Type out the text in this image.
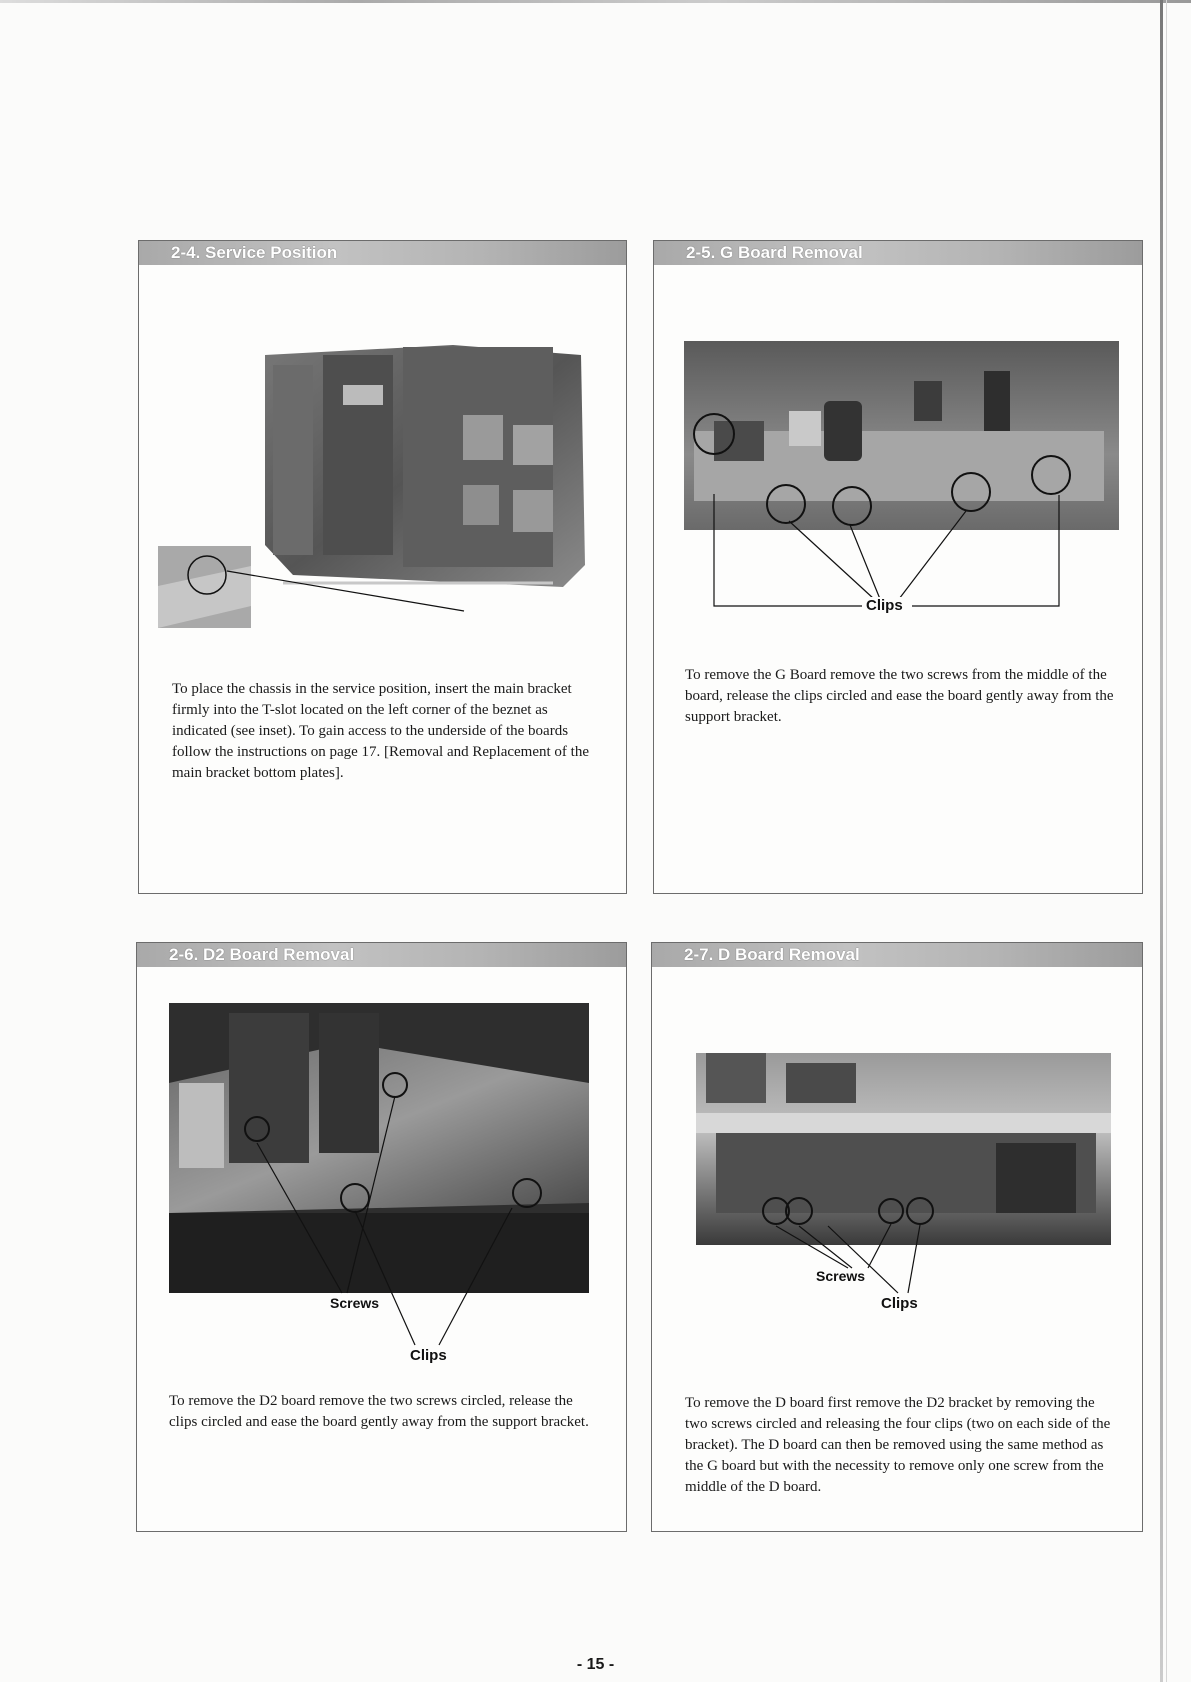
2-4. Service Position
To place the chassis in the service position, insert the main bracket firmly into the T-slot located on the left corner of the beznet as indicated (see inset). To gain access to the underside of the boards follow the instructions on page 17. [Removal and Replacement of the main bracket bottom plates].
2-5. G Board Removal
Clips
To remove the G Board remove the two screws from the middle of the board, release the clips circled and ease the board gently away from the support bracket.
2-6. D2 Board Removal
Screws
Clips
To remove the D2 board remove the two screws circled, release the clips circled and ease the board gently away from the support bracket.
2-7. D Board Removal
Screws
Clips
To remove the D board first remove the D2 bracket by removing the two screws circled and releasing the four clips (two on each side of the bracket). The D board can then be removed using the same method as the G board but with the necessity to remove only one screw from the middle of the D board.
- 15 -
